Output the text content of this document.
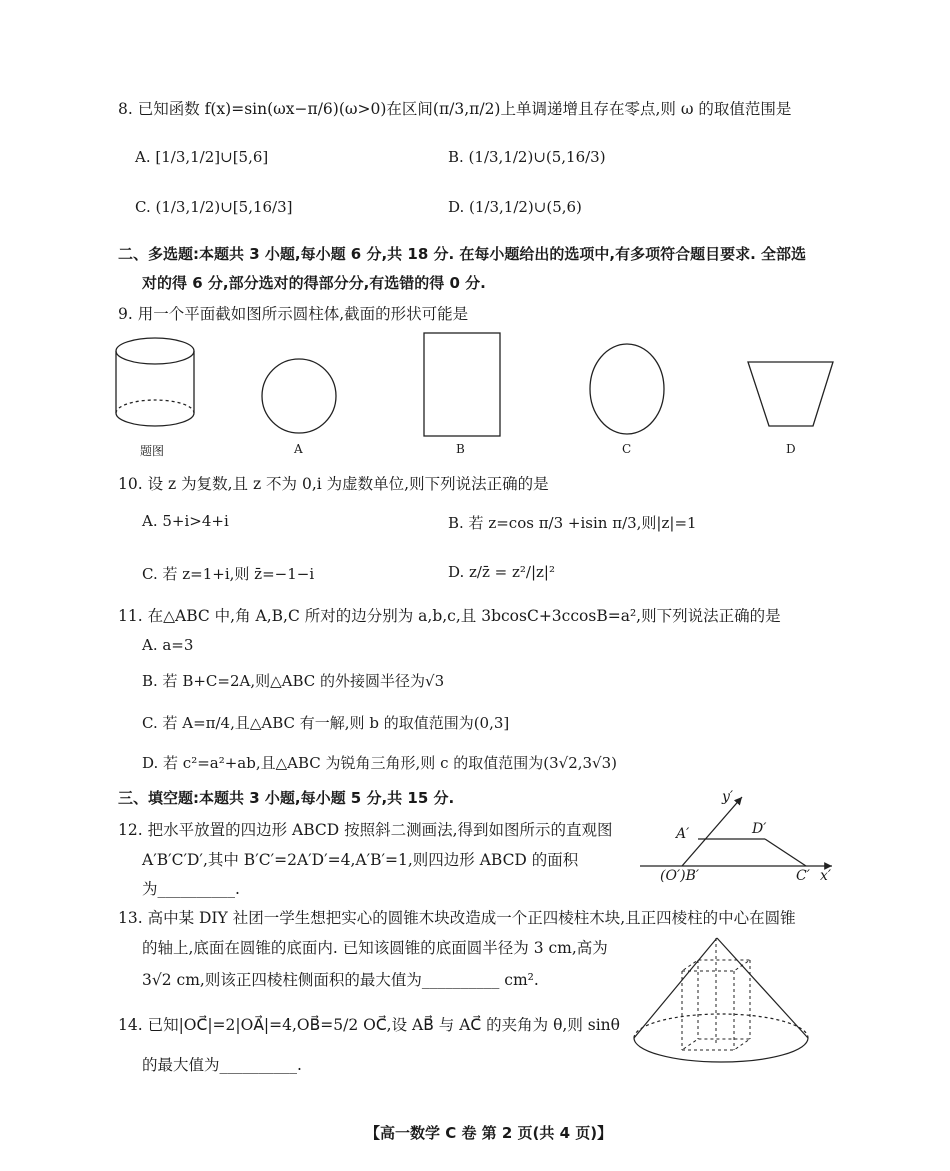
8. 已知函数 f(x)=sin(ωx−π/6)(ω>0)在区间(π/3,π/2)上单调递增且存在零点,则 ω 的取值范围是
A. [1/3,1/2]∪[5,6]	B. (1/3,1/2)∪(5,16/3)
C. (1/3,1/2)∪[5,16/3]	D. (1/3,1/2)∪(5,6)
二、多选题:本题共 3 小题,每小题 6 分,共 18 分. 在每小题给出的选项中,有多项符合题目要求. 全部选
对的得 6 分,部分选对的得部分分,有选错的得 0 分.
9. 用一个平面截如图所示圆柱体,截面的形状可能是
题图	A	B	C	D
10. 设 z 为复数,且 z 不为 0,i 为虚数单位,则下列说法正确的是
A. 5+i>4+i	B. 若 z=cos π/3 +isin π/3,则|z|=1
C. 若 z=1+i,则 z̄=−1−i	D. z/z̄ = z²/|z|²
11. 在△ABC 中,角 A,B,C 所对的边分别为 a,b,c,且 3bcosC+3ccosB=a²,则下列说法正确的是
A. a=3
B. 若 B+C=2A,则△ABC 的外接圆半径为√3
C. 若 A=π/4,且△ABC 有一解,则 b 的取值范围为(0,3]
D. 若 c²=a²+ab,且△ABC 为锐角三角形,则 c 的取值范围为(3√2,3√3)
三、填空题:本题共 3 小题,每小题 5 分,共 15 分.
12. 把水平放置的四边形 ABCD 按照斜二测画法,得到如图所示的直观图
A′B′C′D′,其中 B′C′=2A′D′=4,A′B′=1,则四边形 ABCD 的面积
为__________.
y′
A′	D′
(O′)B′	C′ x′
13. 高中某 DIY 社团一学生想把实心的圆锥木块改造成一个正四棱柱木块,且正四棱柱的中心在圆锥
的轴上,底面在圆锥的底面内. 已知该圆锥的底面圆半径为 3 cm,高为
3√2 cm,则该正四棱柱侧面积的最大值为__________ cm².
14. 已知|OC⃗|=2|OA⃗|=4,OB⃗=5/2 OC⃗,设 AB⃗ 与 AC⃗ 的夹角为 θ,则 sinθ
的最大值为__________.
【高一数学 C 卷 第 2 页(共 4 页)】
